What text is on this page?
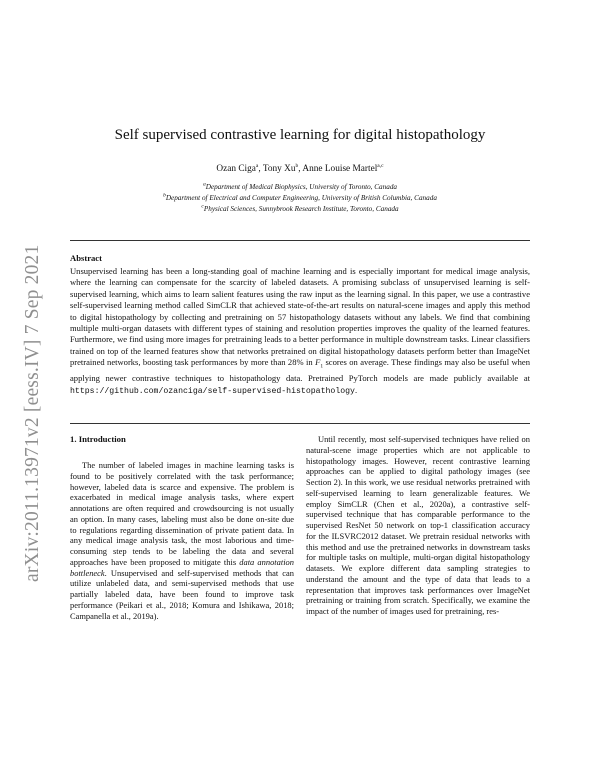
arXiv:2011.13971v2 [eess.IV] 7 Sep 2021
Self supervised contrastive learning for digital histopathology
Ozan Ciga$^a$, Tony Xu$^b$, Anne Louise Martel$^{a,c}$
$^a$Department of Medical Biophysics, University of Toronto, Canada
$^b$Department of Electrical and Computer Engineering, University of British Columbia, Canada
$^c$Physical Sciences, Sunnybrook Research Institute, Toronto, Canada
Abstract
Unsupervised learning has been a long-standing goal of machine learning and is especially important for medical image analysis, where the learning can compensate for the scarcity of labeled datasets. A promising subclass of unsupervised learning is self-supervised learning, which aims to learn salient features using the raw input as the learning signal. In this paper, we use a contrastive self-supervised learning method called SimCLR that achieved state-of-the-art results on natural-scene images and apply this method to digital histopathology by collecting and pretraining on 57 histopathology datasets without any labels. We find that combining multiple multi-organ datasets with different types of staining and resolution properties improves the quality of the learned features. Furthermore, we find using more images for pretraining leads to a better performance in multiple downstream tasks. Linear classifiers trained on top of the learned features show that networks pretrained on digital histopathology datasets perform better than ImageNet pretrained networks, boosting task performances by more than 28% in $F_1$ scores on average. These findings may also be useful when applying newer contrastive techniques to histopathology data. Pretrained PyTorch models are made publicly available at https://github.com/ozanciga/self-supervised-histopathology.
1. Introduction

The number of labeled images in machine learning tasks is found to be positively correlated with the task performance; however, labeled data is scarce and expensive. The problem is exacerbated in medical image analysis tasks, where expert annotations are often required and crowdsourcing is not usually an option. In many cases, labeling must also be done on-site due to regulations regarding dissemination of private patient data. In any medical image analysis task, the most laborious and time-consuming step tends to be labeling the data and several approaches have been proposed to mitigate this data annotation bottleneck. Unsupervised and self-supervised methods that can utilize unlabeled data, and semi-supervised methods that use partially labeled data, have been found to improve task performance (Peikari et al., 2018; Komura and Ishikawa, 2018; Campanella et al., 2019a).

Until recently, most self-supervised techniques have relied on natural-scene image properties which are not applicable to histopathology images. However, recent contrastive learning approaches can be applied to digital pathology images (see Section 2). In this work, we use residual networks pretrained with self-supervised learning to learn generalizable features. We employ SimCLR (Chen et al., 2020a), a contrastive self-supervised technique that has comparable performance to the supervised ResNet 50 network on top-1 classification accuracy for the ILSVRC2012 dataset. We pretrain residual networks with this method and use the pretrained networks in downstream tasks for multiple tasks on multiple, multi-organ digital histopathology datasets. We explore different data sampling strategies to understand the amount and the type of data that leads to a representation that improves task performances over ImageNet pretraining or training from scratch. Specifically, we examine the impact of the number of images used for pretraining, res-
